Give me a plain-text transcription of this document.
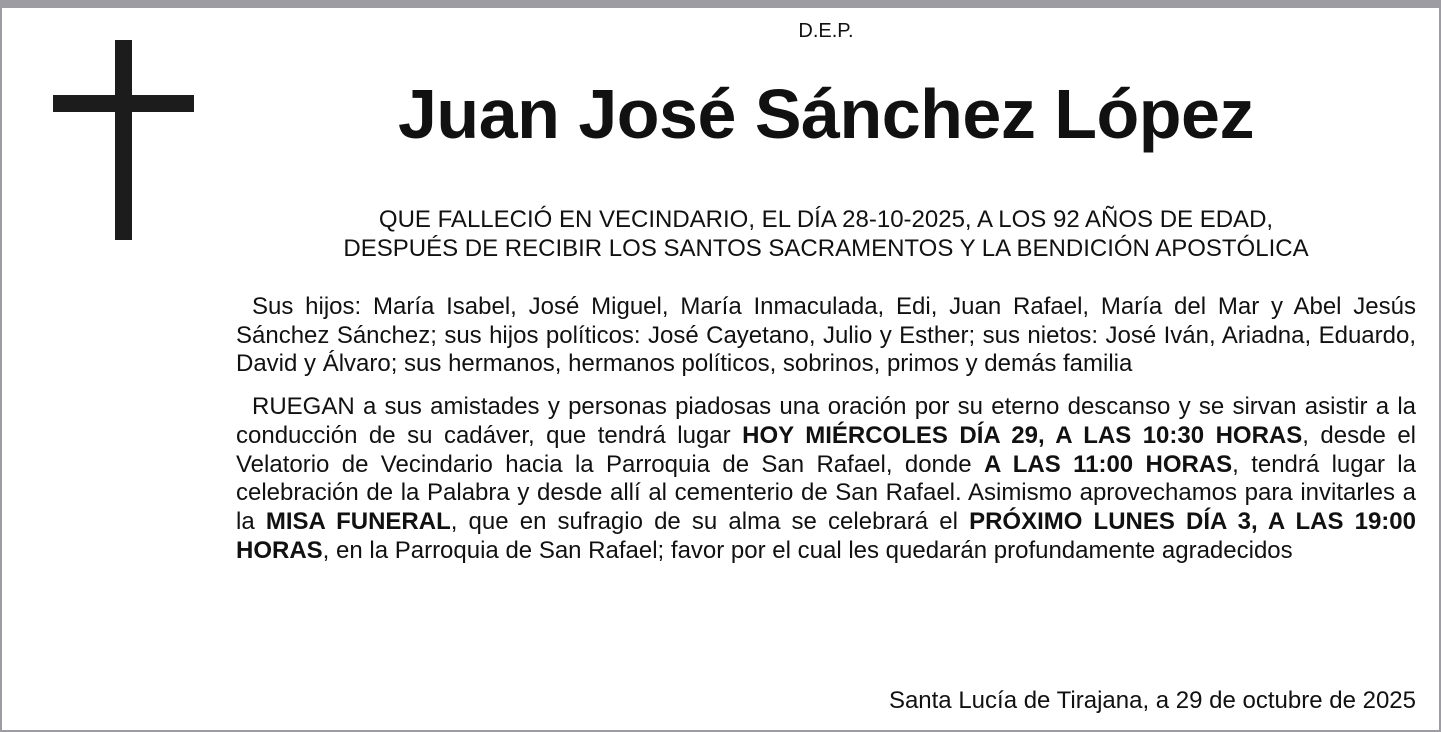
D.E.P.
Juan José Sánchez López
QUE FALLECIÓ EN VECINDARIO, EL DÍA 28-10-2025, A LOS 92 AÑOS DE EDAD,
DESPUÉS DE RECIBIR LOS SANTOS SACRAMENTOS Y LA BENDICIÓN APOSTÓLICA

Sus hijos: María Isabel, José Miguel, María Inmaculada, Edi, Juan Rafael, María del Mar y Abel Jesús Sánchez Sánchez; sus hijos políticos: José Cayetano, Julio y Esther; sus nietos: José Iván, Ariadna, Eduardo, David y Álvaro; sus hermanos, hermanos políticos, sobrinos, primos y demás familia

RUEGAN a sus amistades y personas piadosas una oración por su eterno descanso y se sirvan asistir a la conducción de su cadáver, que tendrá lugar HOY MIÉRCOLES DÍA 29, A LAS 10:30 HORAS, desde el Velatorio de Vecindario hacia la Parroquia de San Rafael, donde A LAS 11:00 HORAS, tendrá lugar la celebración de la Palabra y desde allí al cementerio de San Rafael. Asimismo aprovechamos para invitarles a la MISA FUNERAL, que en sufragio de su alma se celebrará el PRÓXIMO LUNES DÍA 3, A LAS 19:00 HORAS, en la Parroquia de San Rafael; favor por el cual les quedarán profundamente agradecidos

Santa Lucía de Tirajana, a 29 de octubre de 2025
